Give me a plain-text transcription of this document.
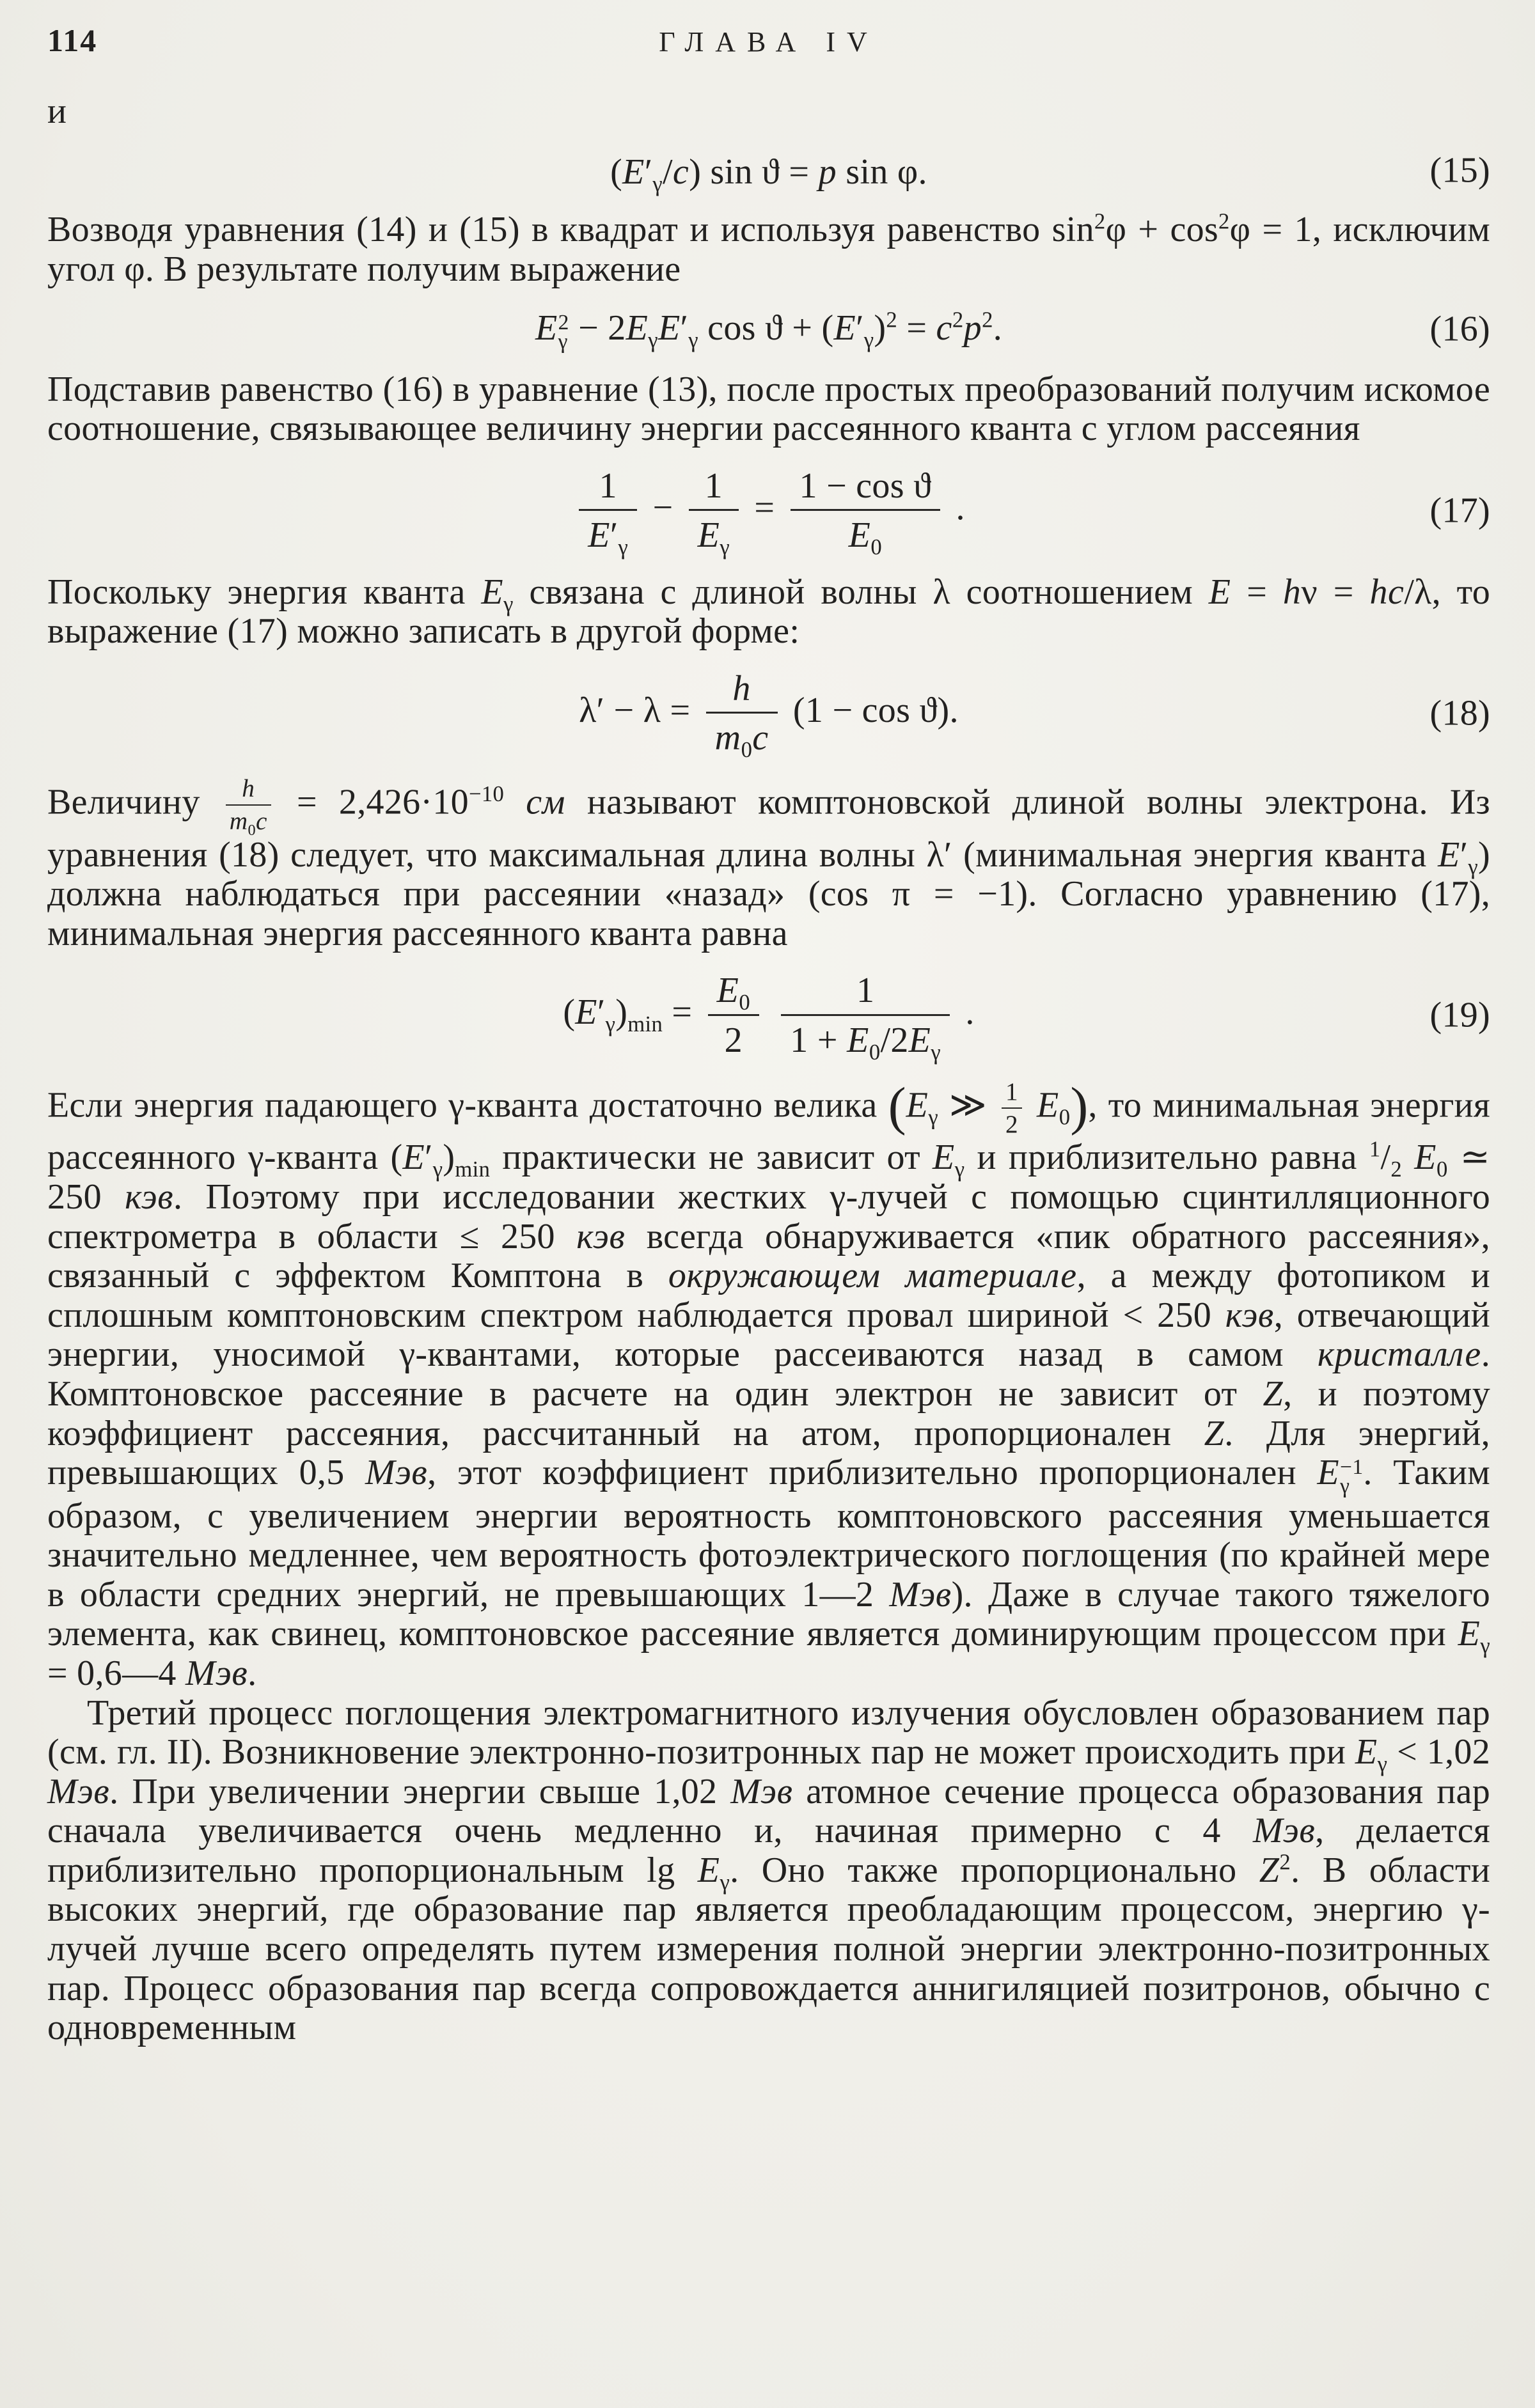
114	ГЛАВА IV

и

$(E'_\gamma/c)$ sin ϑ = p sin φ.	(15)

Возводя уравнения (14) и (15) в квадрат и используя равенство $\sin^2\varphi + \cos^2\varphi = 1$, исключим угол φ. В результате получим выражение

E 2
$\gamma - 2E_\gamma E'_\gamma$ $\cos ϑ + (E'_\gamma)^2 = c^2p^2$.	(16)

Подставив равенство (16) в уравнение (13), после простых преобразований получим искомое соотношение, связывающее величину энергии рассеянного кванта с углом рассеяния

$\frac{1}{E'_\gamma} - \frac{1}{E_\gamma} = \frac{\text{1 − cos ϑ}}{E_0}$ .	(17)

Поскольку энергия кванта $E_\gamma$ связана с длиной волны λ соотношением E = hν = hc/λ, то выражение (17) можно записать в другой форме:

$\lambda' - \lambda = \frac{h}{m_0c} (1 - \cos ϑ)$.	(18)

Величину $\frac{h}{m_0c} = 2,426\cdot 10^{-10}$ см называют комптоновской длиной волны электрона. Из уравнения (18) следует, что максимальная длина волны λ′ (минимальная энергия кванта $E'_\gamma$) должна наблюдаться при рассеянии «назад» (cos π = −1). Согласно уравнению (17), минимальная энергия рассеянного кванта равна

$(E'_\gamma)_{min} = \frac{E_0}{2}$
$\frac{1}{1 + E_0/2E_\gamma}$ .	(19)

Если энергия падающего γ-кванта достаточно велика ($E_\gamma$ ≫ $\frac{1}{2} E_0$), то минимальная энергия рассеянного γ-кванта $(E'_\gamma)_{min}$ практически не зависит от $E_\gamma$ и приблизительно равна $^1/_2$ $E_0$ ≃ 250 кэв. Поэтому при исследовании жестких γ-лучей с помощью сцинтилляционного спектрометра в области ≤ 250 кэв всегда обнаруживается «пик обратного рассеяния», связанный с эффектом Комптона в окружающем материале, а между фотопиком и сплошным комптоновским спектром наблюдается провал шириной < 250 кэв, отвечающий энергии, уносимой γ-квантами, которые рассеиваются назад в самом кристалле. Комптоновское рассеяние в расчете на один электрон не зависит от Z, и поэтому коэффициент рассеяния, рассчитанный на атом, пропорционален Z. Для энергий, превышающих 0,5 Мэв, этот коэффициент приблизительно пропорционален E −1
γ . Таким образом, с увеличением энергии вероятность комптоновского рассеяния уменьшается значительно медленнее, чем вероятность фотоэлектрического поглощения (по крайней мере в области средних энергий, не превышающих 1—2 Мэв). Даже в случае такого тяжелого элемента, как свинец, комптоновское рассеяние является доминирующим процессом при $E_\gamma$ = 0,6—4 Мэв.

Третий процесс поглощения электромагнитного излучения обусловлен образованием пар (см. гл. II). Возникновение электронно-позитронных пар не может происходить при $E_\gamma < 1,02$ Мэв. При увеличении энергии свыше 1,02 Мэв атомное сечение процесса образования пар сначала увеличивается очень медленно и, начиная примерно с 4 Мэв, делается приблизительно пропорциональным $\lg E_\gamma$. Оно также пропорционально $Z^2$. В области высоких энергий, где образование пар является преобладающим процессом, энергию γ-лучей лучше всего определять путем измерения полной энергии электронно-позитронных пар. Процесс образования пар всегда сопровождается аннигиляцией позитронов, обычно с одновременным
